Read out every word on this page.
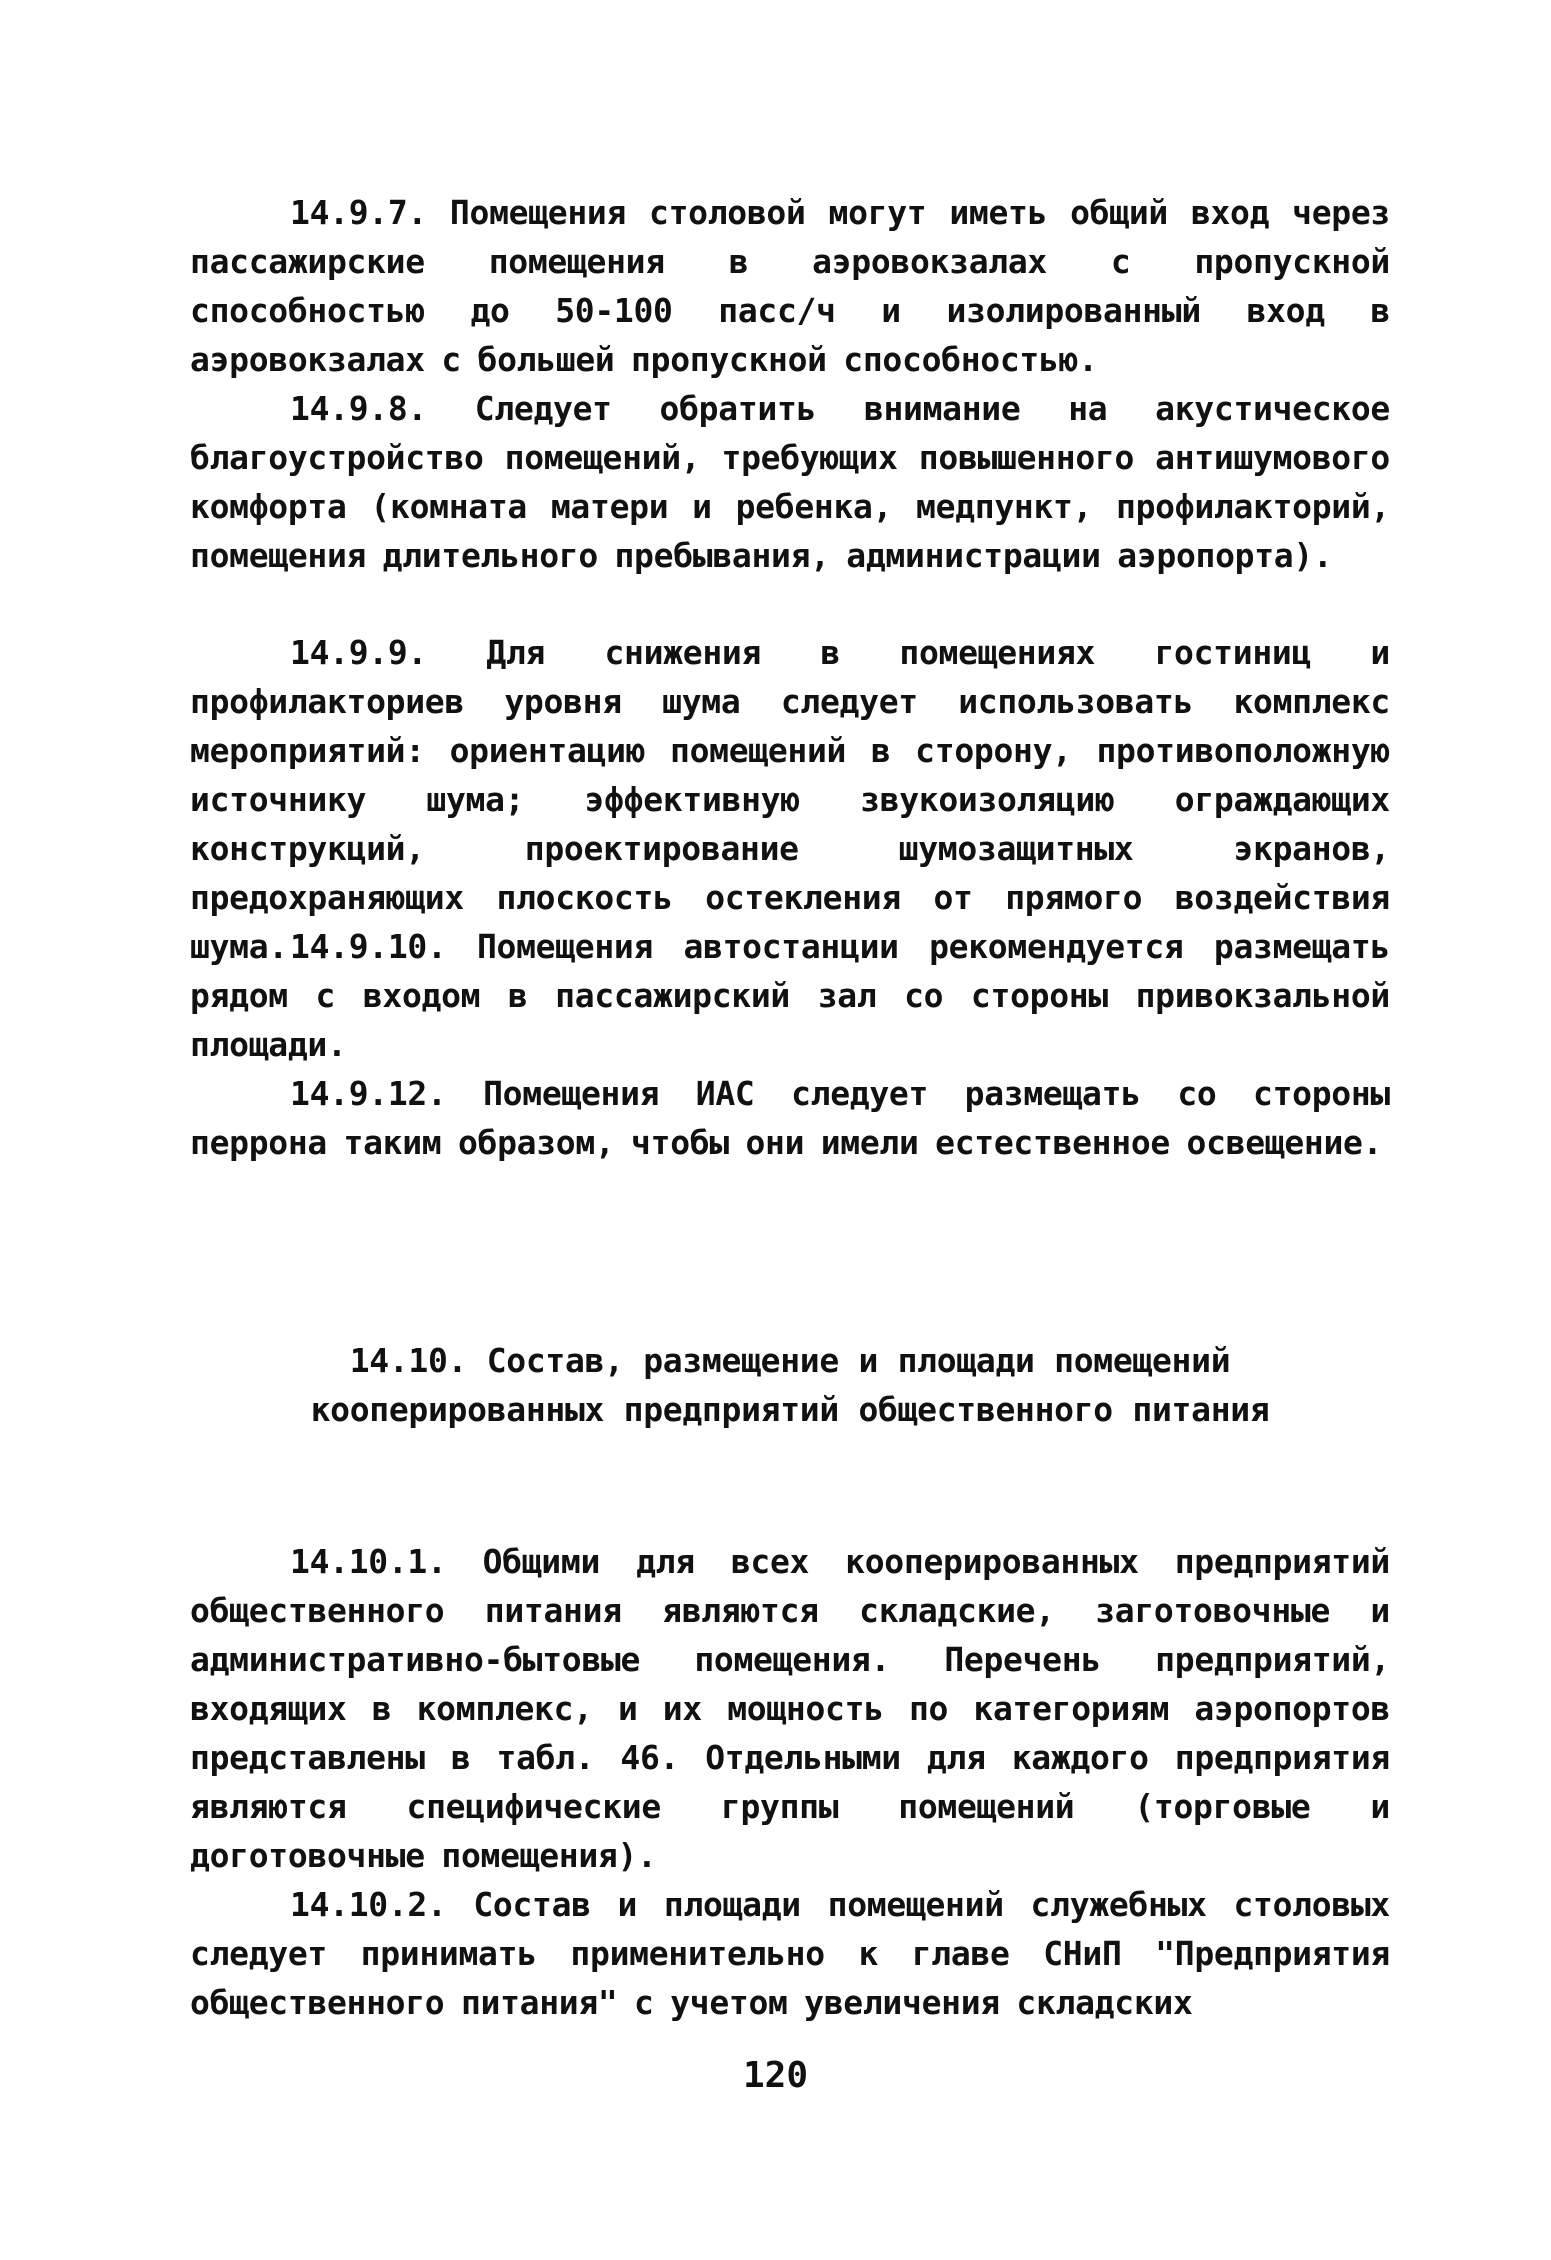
14.9.7. Помещения столовой могут иметь общий вход через пассажирские помещения в аэровокзалах с пропускной способностью до 50-100 пасс/ч и изолированный вход в аэровокзалах с большей пропускной способностью.

14.9.8. Следует обратить внимание на акустическое благоустройство помещений, требующих повышенного антишумового комфорта (комната матери и ребенка, медпункт, профилакторий, помещения длительного пребывания, администрации аэропорта).

14.9.9. Для снижения в помещениях гостиниц и профилакториев уровня шума следует использовать комплекс мероприятий: ориентацию помещений в сторону, противоположную источнику шума; эффективную звукоизоляцию ограждающих конструкций, проектирование шумозащитных экранов, предохраняющих плоскость остекления от прямого воздействия шума. 14.9.10. Помещения автостанции рекомендуется размещать рядом с входом в пассажирский зал со стороны привокзальной площади.

14.9.12. Помещения ИАС следует размещать со стороны перрона таким образом, чтобы они имели естественное освещение.

14.10. Состав, размещение и площади помещений
кооперированных предприятий общественного питания

14.10.1. Общими для всех кооперированных предприятий общественного питания являются складские, заготовочные и административно-бытовые помещения. Перечень предприятий, входящих в комплекс, и их мощность по категориям аэропортов представлены в табл. 46. Отдельными для каждого предприятия являются специфические группы помещений (торговые и доготовочные помещения).

14.10.2. Состав и площади помещений служебных столовых следует принимать применительно к главе СНиП "Предприятия общественного питания" с учетом увеличения складских

120
